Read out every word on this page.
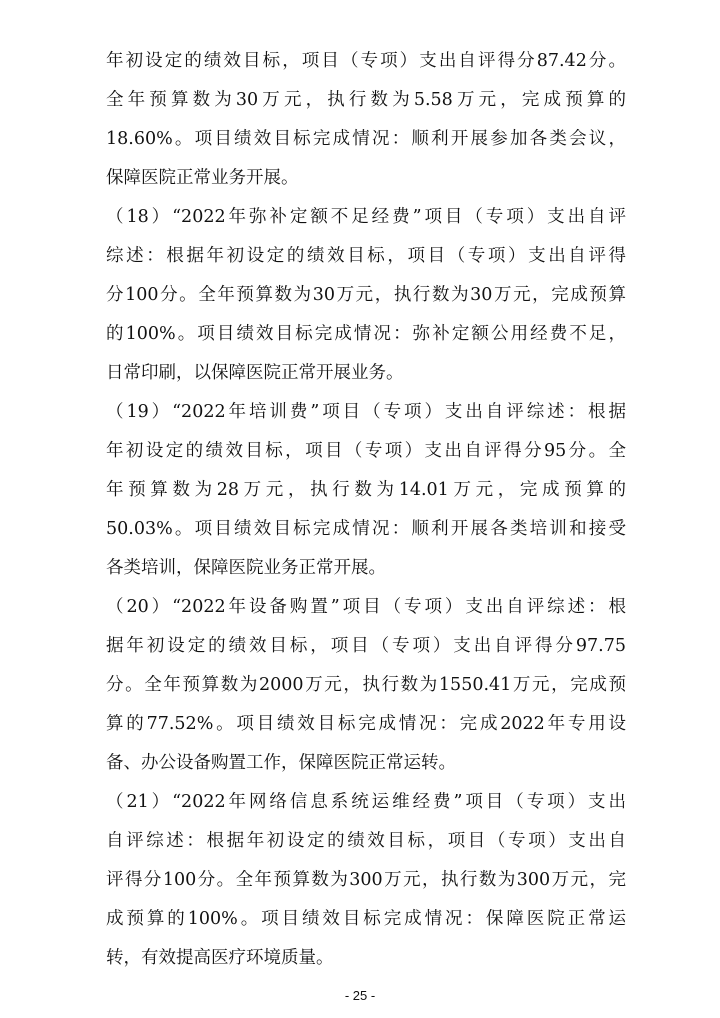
年初设定的绩效目标，项目（专项）支出自评得分87.42分。
全年预算数为30万元，执行数为5.58万元，完成预算的
18.60%。项目绩效目标完成情况：顺利开展参加各类会议，
保障医院正常业务开展。
（18）“2022年弥补定额不足经费”项目（专项）支出自评
综述：根据年初设定的绩效目标，项目（专项）支出自评得
分100分。全年预算数为30万元，执行数为30万元，完成预算
的100%。项目绩效目标完成情况：弥补定额公用经费不足，
日常印刷，以保障医院正常开展业务。
（19）“2022年培训费”项目（专项）支出自评综述：根据
年初设定的绩效目标，项目（专项）支出自评得分95分。全
年预算数为28万元，执行数为14.01万元，完成预算的
50.03%。项目绩效目标完成情况：顺利开展各类培训和接受
各类培训，保障医院业务正常开展。
（20）“2022年设备购置”项目（专项）支出自评综述：根
据年初设定的绩效目标，项目（专项）支出自评得分97.75
分。全年预算数为2000万元，执行数为1550.41万元，完成预
算的77.52%。项目绩效目标完成情况：完成2022年专用设
备、办公设备购置工作，保障医院正常运转。
（21）“2022年网络信息系统运维经费”项目（专项）支出
自评综述：根据年初设定的绩效目标，项目（专项）支出自
评得分100分。全年预算数为300万元，执行数为300万元，完
成预算的100%。项目绩效目标完成情况：保障医院正常运
转，有效提高医疗环境质量。
- 25 -
